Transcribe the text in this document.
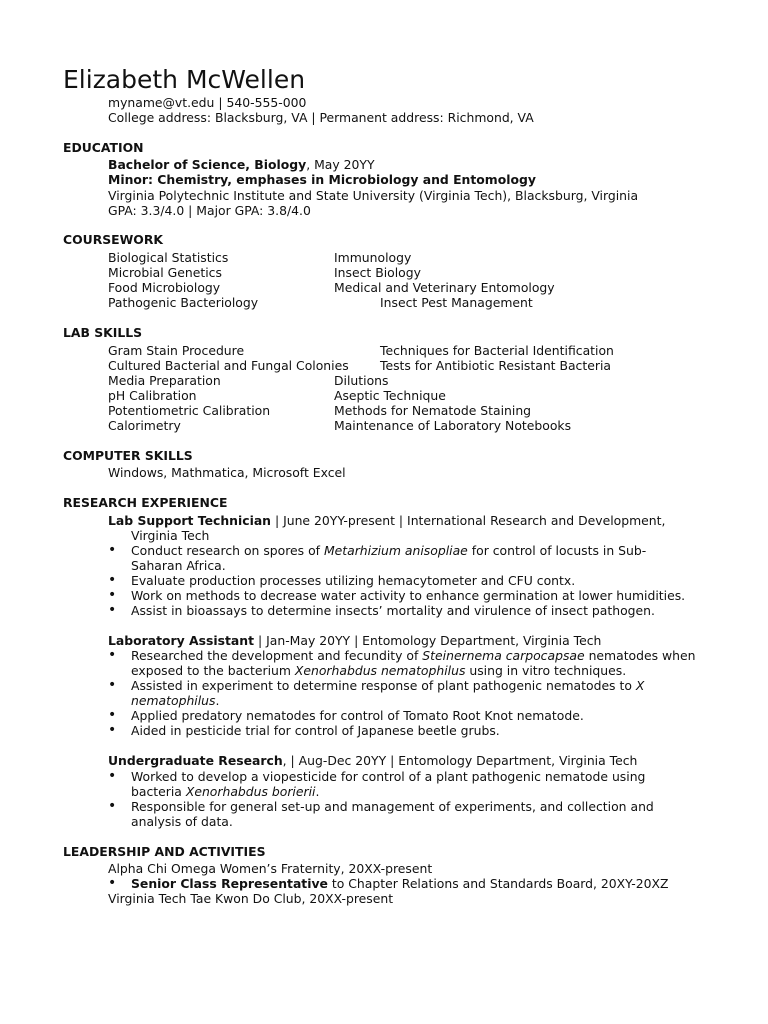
Elizabeth McWellen
myname@vt.edu | 540-555-000
College address: Blacksburg, VA | Permanent address: Richmond, VA
EDUCATION
Bachelor of Science, Biology, May 20YY
Minor: Chemistry, emphases in Microbiology and Entomology
Virginia Polytechnic Institute and State University (Virginia Tech), Blacksburg, Virginia
GPA: 3.3/4.0 | Major GPA: 3.8/4.0
COURSEWORK
Biological Statistics
Microbial Genetics
Food Microbiology
Pathogenic Bacteriology
Immunology
Insect Biology
Medical and Veterinary Entomology
Insect Pest Management
LAB SKILLS
Gram Stain Procedure
Cultured Bacterial and Fungal Colonies
Media Preparation
pH Calibration
Potentiometric Calibration
Calorimetry
Techniques for Bacterial Identification
Tests for Antibiotic Resistant Bacteria
Dilutions
Aseptic Technique
Methods for Nematode Staining
Maintenance of Laboratory Notebooks
COMPUTER SKILLS
Windows, Mathmatica, Microsoft Excel
RESEARCH EXPERIENCE
Lab Support Technician | June 20YY-present | International Research and Development,
Virginia Tech
• Conduct research on spores of Metarhizium anisopliae for control of locusts in Sub-
Saharan Africa.
• Evaluate production processes utilizing hemacytometer and CFU contx.
• Work on methods to decrease water activity to enhance germination at lower humidities.
• Assist in bioassays to determine insects’ mortality and virulence of insect pathogen.
Laboratory Assistant | Jan-May 20YY | Entomology Department, Virginia Tech
• Researched the development and fecundity of Steinernema carpocapsae nematodes when
exposed to the bacterium Xenorhabdus nematophilus using in vitro techniques.
• Assisted in experiment to determine response of plant pathogenic nematodes to X
nematophilus.
• Applied predatory nematodes for control of Tomato Root Knot nematode.
• Aided in pesticide trial for control of Japanese beetle grubs.
Undergraduate Research, | Aug-Dec 20YY | Entomology Department, Virginia Tech
• Worked to develop a viopesticide for control of a plant pathogenic nematode using
bacteria Xenorhabdus borierii.
• Responsible for general set-up and management of experiments, and collection and
analysis of data.
LEADERSHIP AND ACTIVITIES
Alpha Chi Omega Women’s Fraternity, 20XX-present
• Senior Class Representative to Chapter Relations and Standards Board, 20XY-20XZ
Virginia Tech Tae Kwon Do Club, 20XX-present
